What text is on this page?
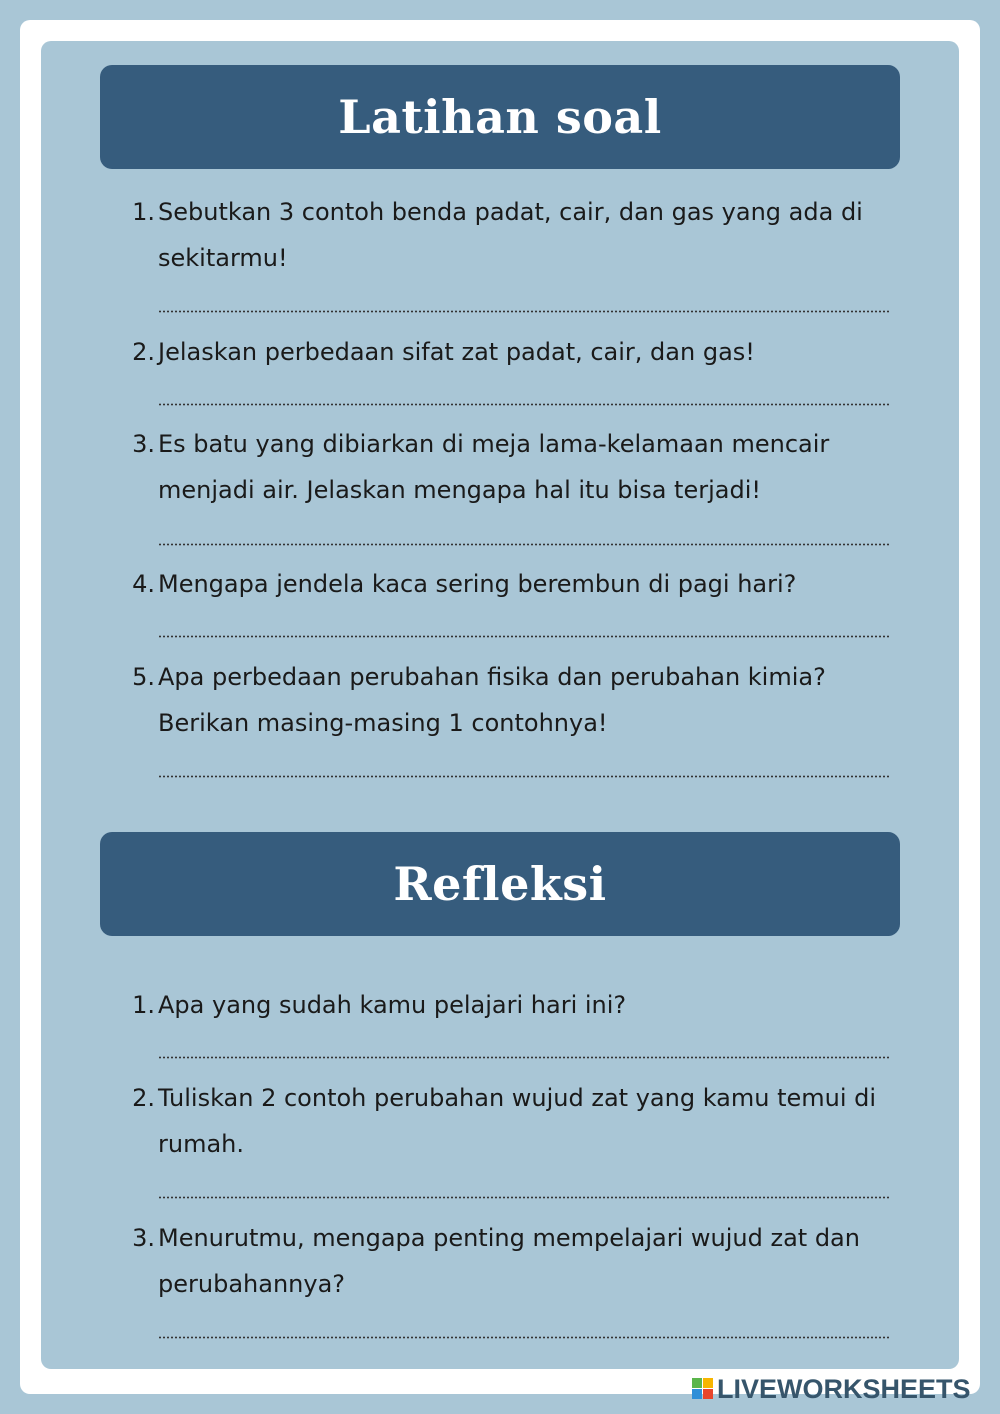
Latihan soal
1. Sebutkan 3 contoh benda padat, cair, dan gas yang ada di sekitarmu!
2. Jelaskan perbedaan sifat zat padat, cair, dan gas!
3. Es batu yang dibiarkan di meja lama-kelamaan mencair menjadi air. Jelaskan mengapa hal itu bisa terjadi!
4. Mengapa jendela kaca sering berembun di pagi hari?
5. Apa perbedaan perubahan fisika dan perubahan kimia? Berikan masing-masing 1 contohnya!
Refleksi
1. Apa yang sudah kamu pelajari hari ini?
2. Tuliskan 2 contoh perubahan wujud zat yang kamu temui di rumah.
3. Menurutmu, mengapa penting mempelajari wujud zat dan perubahannya?
LIVEWORKSHEETS
